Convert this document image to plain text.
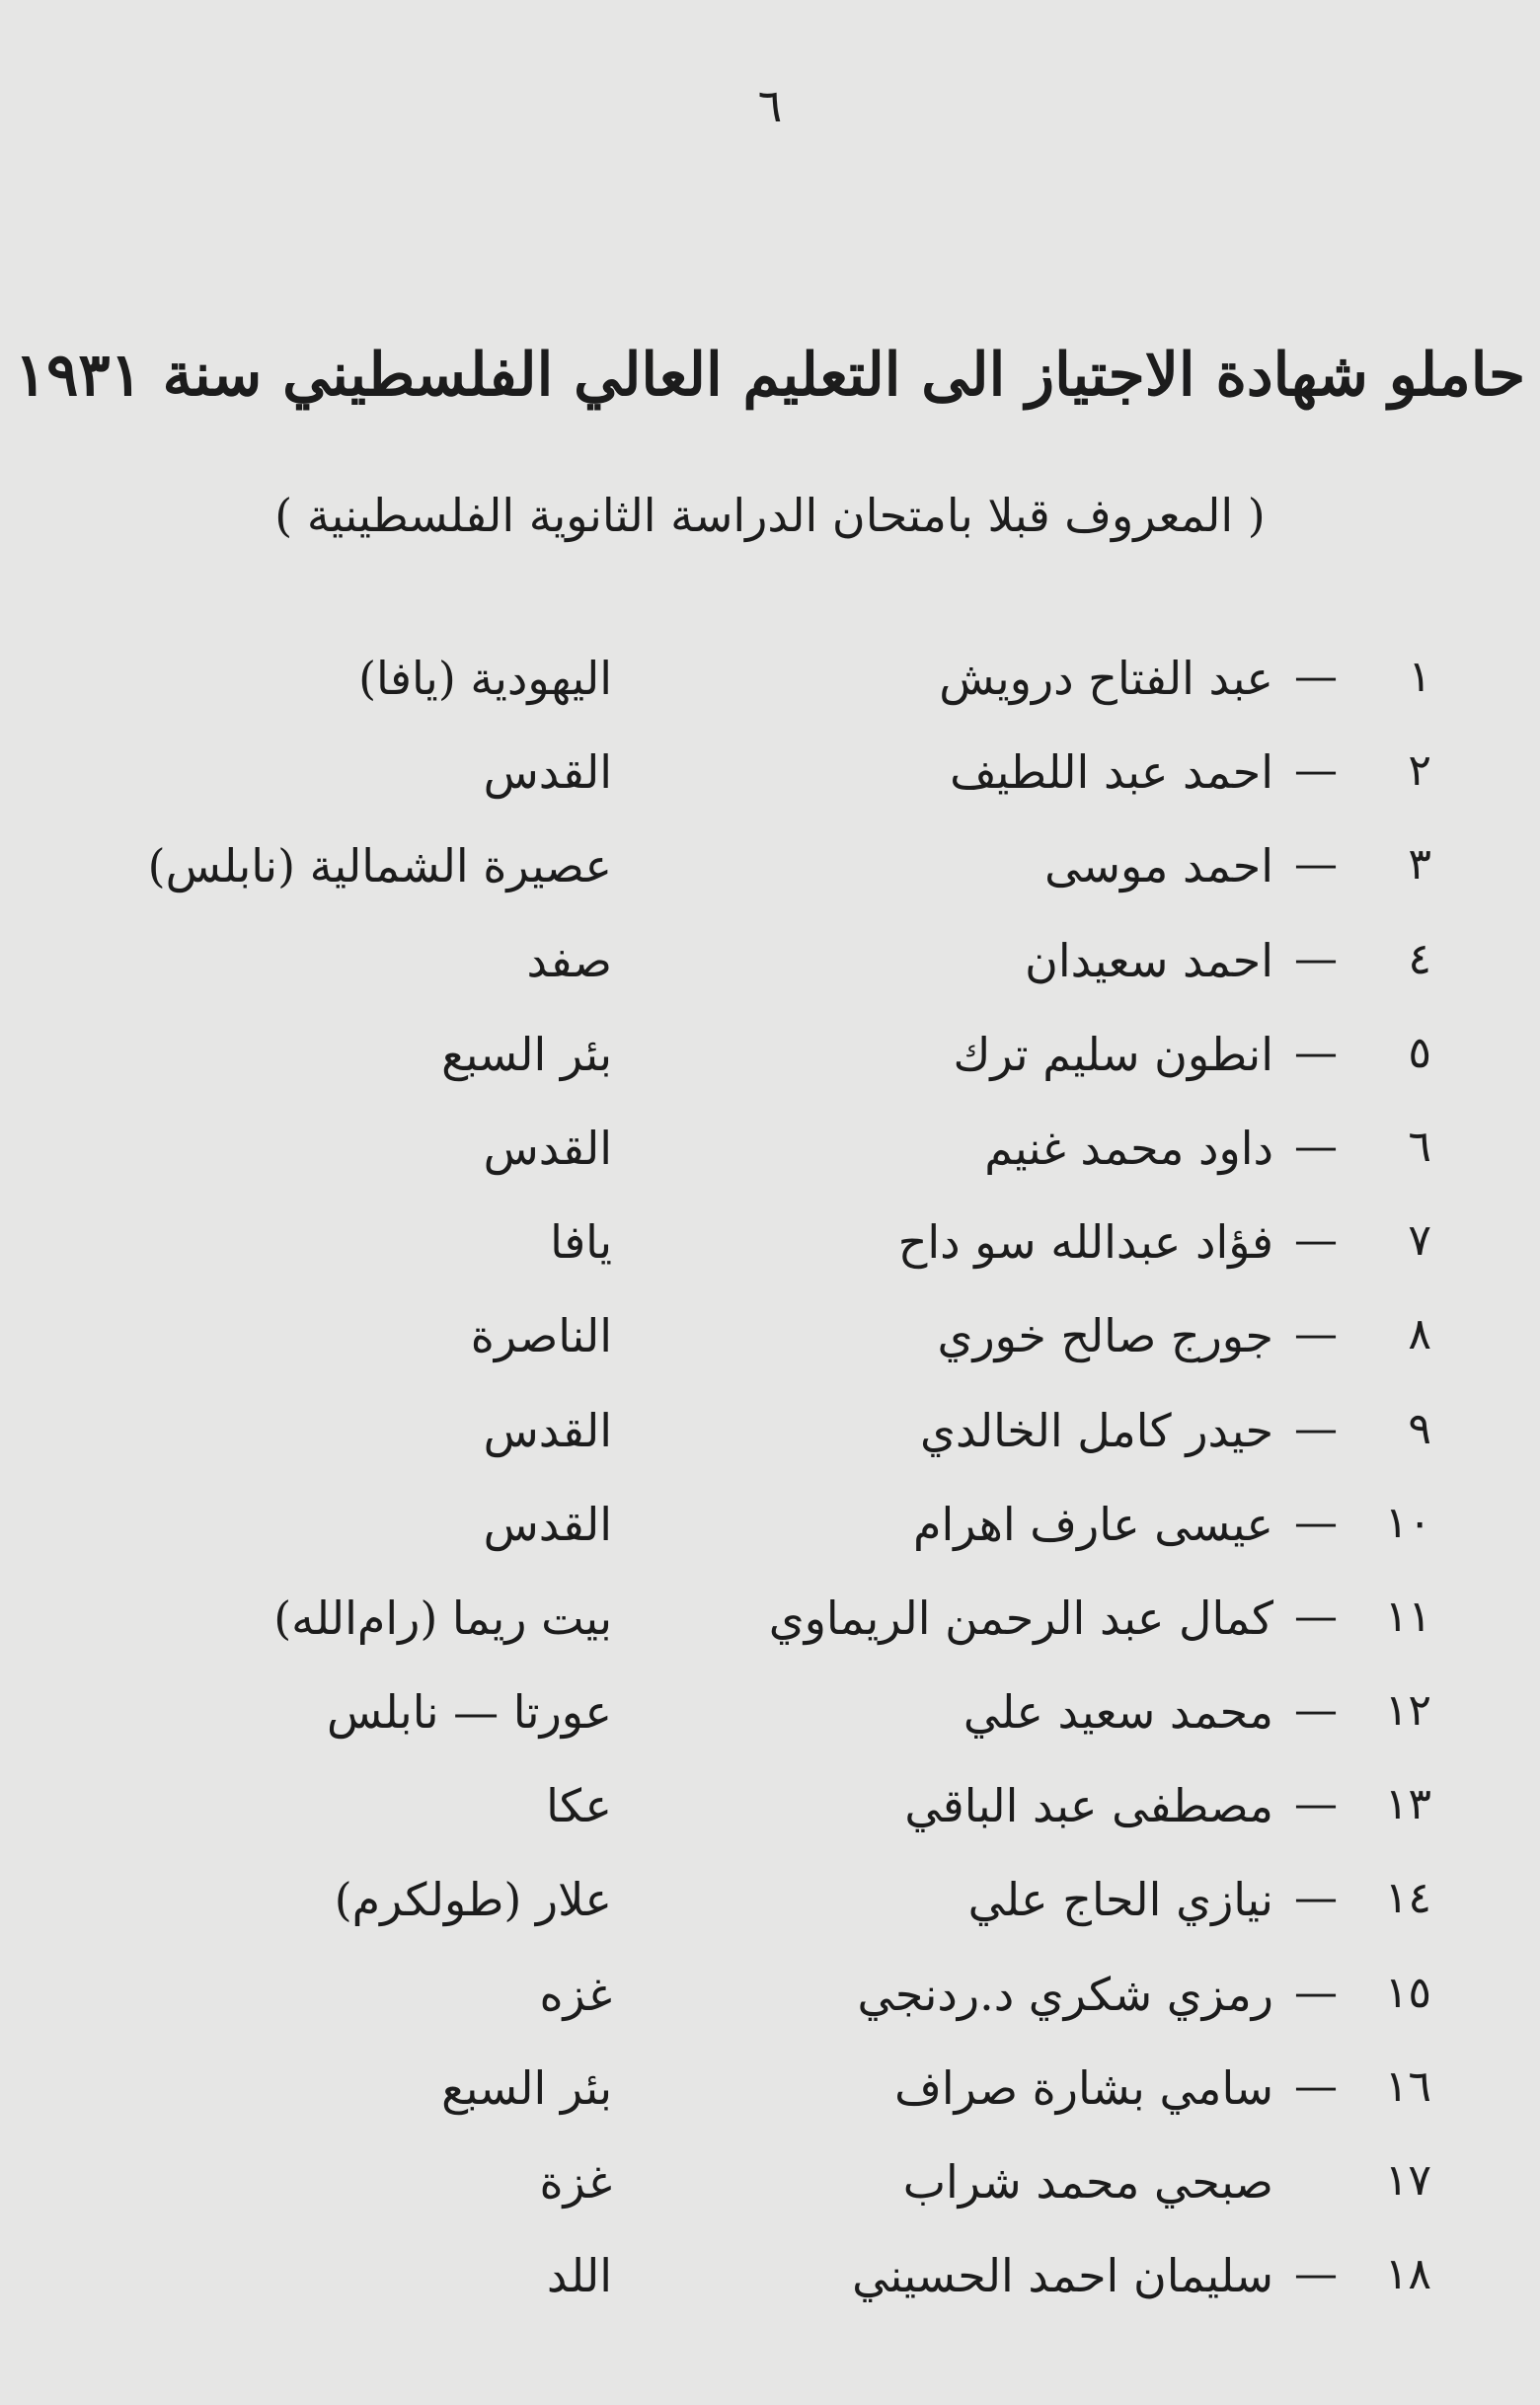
٦
حاملو شهادة الاجتياز الى التعليم العالي الفلسطيني سنة ١٩٣١
( المعروف قبلا بامتحان الدراسة الثانوية الفلسطينية )
١
—
عبد الفتاح درويش
اليهودية (يافا)
٢
—
احمد عبد اللطيف
القدس
٣
—
احمد موسى
عصيرة الشمالية (نابلس)
٤
—
احمد سعيدان
صفد
٥
—
انطون سليم ترك
بئر السبع
٦
—
داود محمد غنيم
القدس
٧
—
فؤاد عبدالله سو داح
يافا
٨
—
جورج صالح خوري
الناصرة
٩
—
حيدر كامل الخالدي
القدس
١٠
—
عيسى عارف اهرام
القدس
١١
—
كمال عبد الرحمن الريماوي
بيت ريما (رام‌الله)
١٢
—
محمد سعيد علي
عورتا — نابلس
١٣
—
مصطفى عبد الباقي
عكا
١٤
—
نيازي الحاج علي
علار (طولكرم)
١٥
—
رمزي شكري د.ردنجي
غزه
١٦
—
سامي بشارة صراف
بئر السبع
١٧
صبحي محمد شراب
غزة
١٨
—
سليمان احمد الحسيني
اللد
